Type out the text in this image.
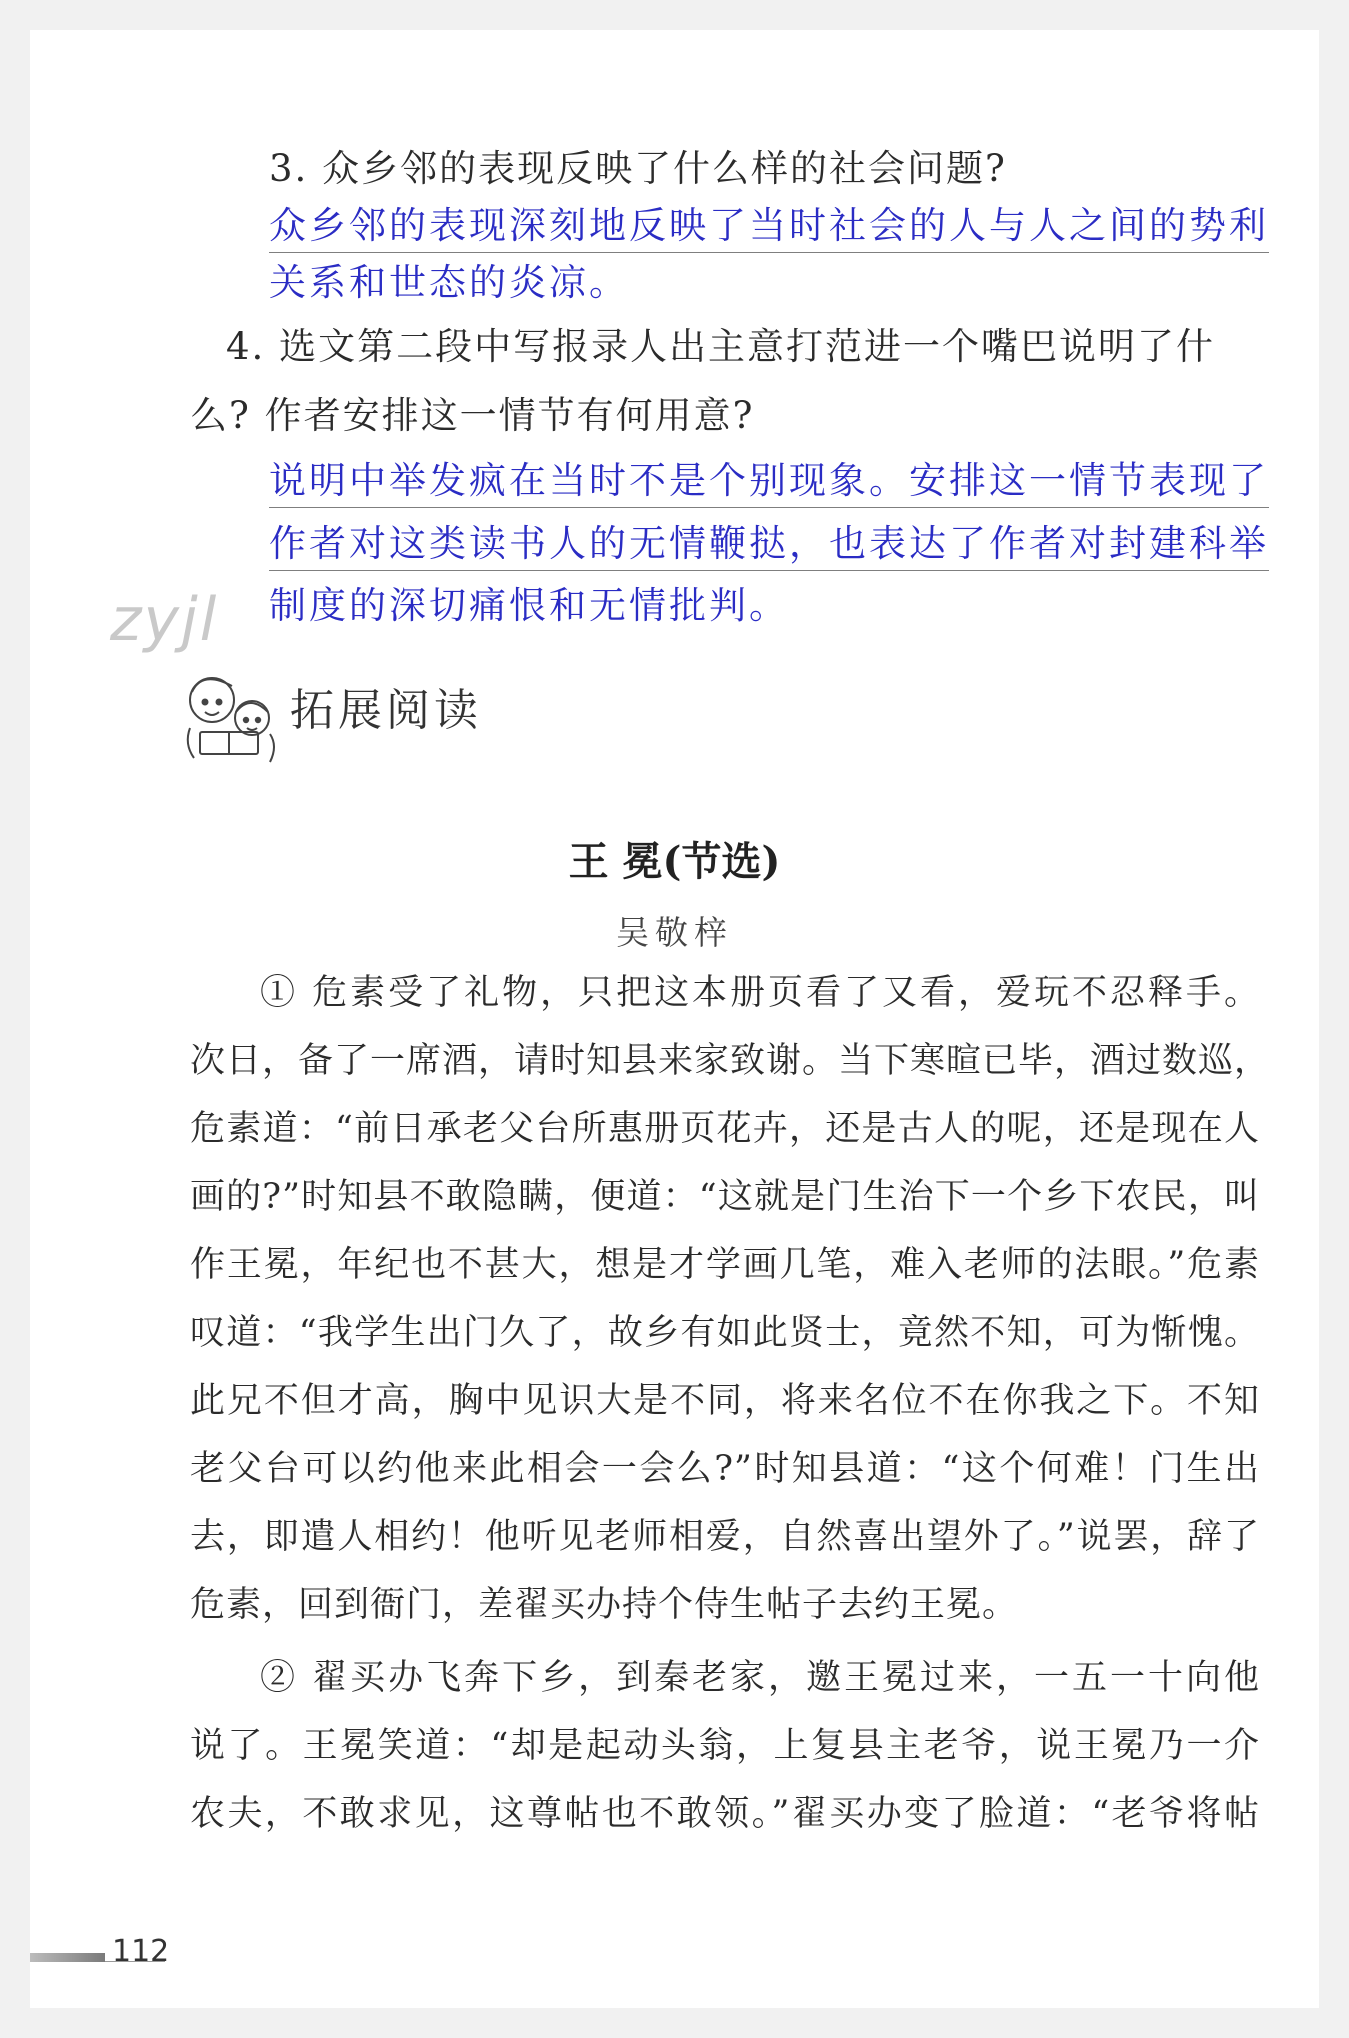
3. 众乡邻的表现反映了什么样的社会问题?
众乡邻的表现深刻地反映了当时社会的人与人之间的势利
关系和世态的炎凉。
4. 选文第二段中写报录人出主意打范进一个嘴巴说明了什
么? 作者安排这一情节有何用意?
说明中举发疯在当时不是个别现象。安排这一情节表现了
作者对这类读书人的无情鞭挞，也表达了作者对封建科举
制度的深切痛恨和无情批判。
zyjl
拓展阅读
王 冕(节选)
吴敬梓
① 危素受了礼物，只把这本册页看了又看，爱玩不忍释手。
次日，备了一席酒，请时知县来家致谢。当下寒暄已毕，酒过数巡，
危素道：“前日承老父台所惠册页花卉，还是古人的呢，还是现在人
画的?”时知县不敢隐瞒，便道：“这就是门生治下一个乡下农民，叫
作王冕，年纪也不甚大，想是才学画几笔，难入老师的法眼。”危素
叹道：“我学生出门久了，故乡有如此贤士，竟然不知，可为惭愧。
此兄不但才高，胸中见识大是不同，将来名位不在你我之下。不知
老父台可以约他来此相会一会么?”时知县道：“这个何难！门生出
去，即遣人相约！他听见老师相爱，自然喜出望外了。”说罢，辞了
危素，回到衙门，差翟买办持个侍生帖子去约王冕。
② 翟买办飞奔下乡，到秦老家，邀王冕过来，一五一十向他
说了。王冕笑道：“却是起动头翁，上复县主老爷，说王冕乃一介
农夫，不敢求见，这尊帖也不敢领。”翟买办变了脸道：“老爷将帖
112
